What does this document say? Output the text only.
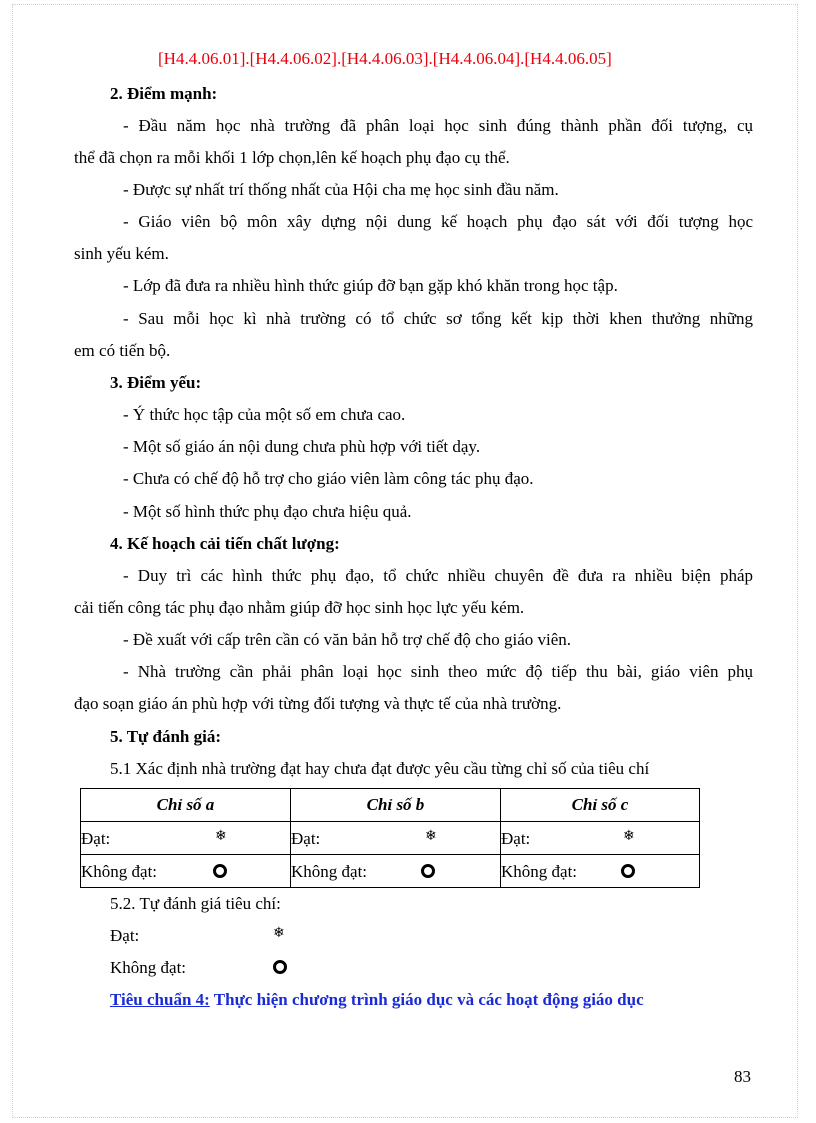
[H4.4.06.01].[H4.4.06.02].[H4.4.06.03].[H4.4.06.04].[H4.4.06.05]
2. Điểm mạnh:
- Đầu năm học nhà trường đã phân loại học sinh đúng thành phần đối tượng, cụ
thể đã chọn ra mỗi khối 1 lớp chọn,lên kế hoạch phụ đạo cụ thể.
- Được sự nhất trí thống nhất của Hội cha mẹ học sinh đầu năm.
- Giáo viên bộ môn xây dựng nội dung kế hoạch phụ đạo sát với đối tượng học
sinh yếu kém.
- Lớp đã đưa ra nhiều hình thức giúp đỡ bạn gặp khó khăn trong học tập.
- Sau mỗi học kì nhà trường có tổ chức sơ tổng kết kịp thời khen thưởng những
em có tiến bộ.
3. Điểm yếu:
- Ý thức học tập của một số em chưa cao.
- Một số giáo án nội dung chưa phù hợp với tiết dạy.
- Chưa có chế độ hỗ trợ cho giáo viên làm công tác phụ đạo.
- Một số hình thức phụ đạo chưa hiệu quả.
4. Kế hoạch cải tiến chất lượng:
- Duy trì các hình thức phụ đạo, tổ chức nhiều chuyên đề đưa ra nhiều biện pháp
cải tiến công tác phụ đạo nhằm giúp đỡ học sinh học lực yếu kém.
- Đề xuất với cấp trên cần có văn bản hỗ trợ chế độ cho giáo viên.
- Nhà trường cần phải phân loại học sinh theo mức độ tiếp thu bài, giáo viên phụ
đạo soạn giáo án phù hợp với từng đối tượng và thực tế của nhà trường.
5. Tự đánh giá:
5.1 Xác định nhà trường đạt hay chưa đạt được yêu cầu từng chỉ số của tiêu chí
Chỉ số a	Chỉ số b	Chỉ số c

Đạt: ❄	Đạt: ❄	Đạt: ❄

Không đạt:	Không đạt:	Không đạt:
5.2. Tự đánh giá tiêu chí:
Đạt:	❄
Không đạt:
Tiêu chuẩn 4: Thực hiện chương trình giáo dục và các hoạt động giáo dục
83
